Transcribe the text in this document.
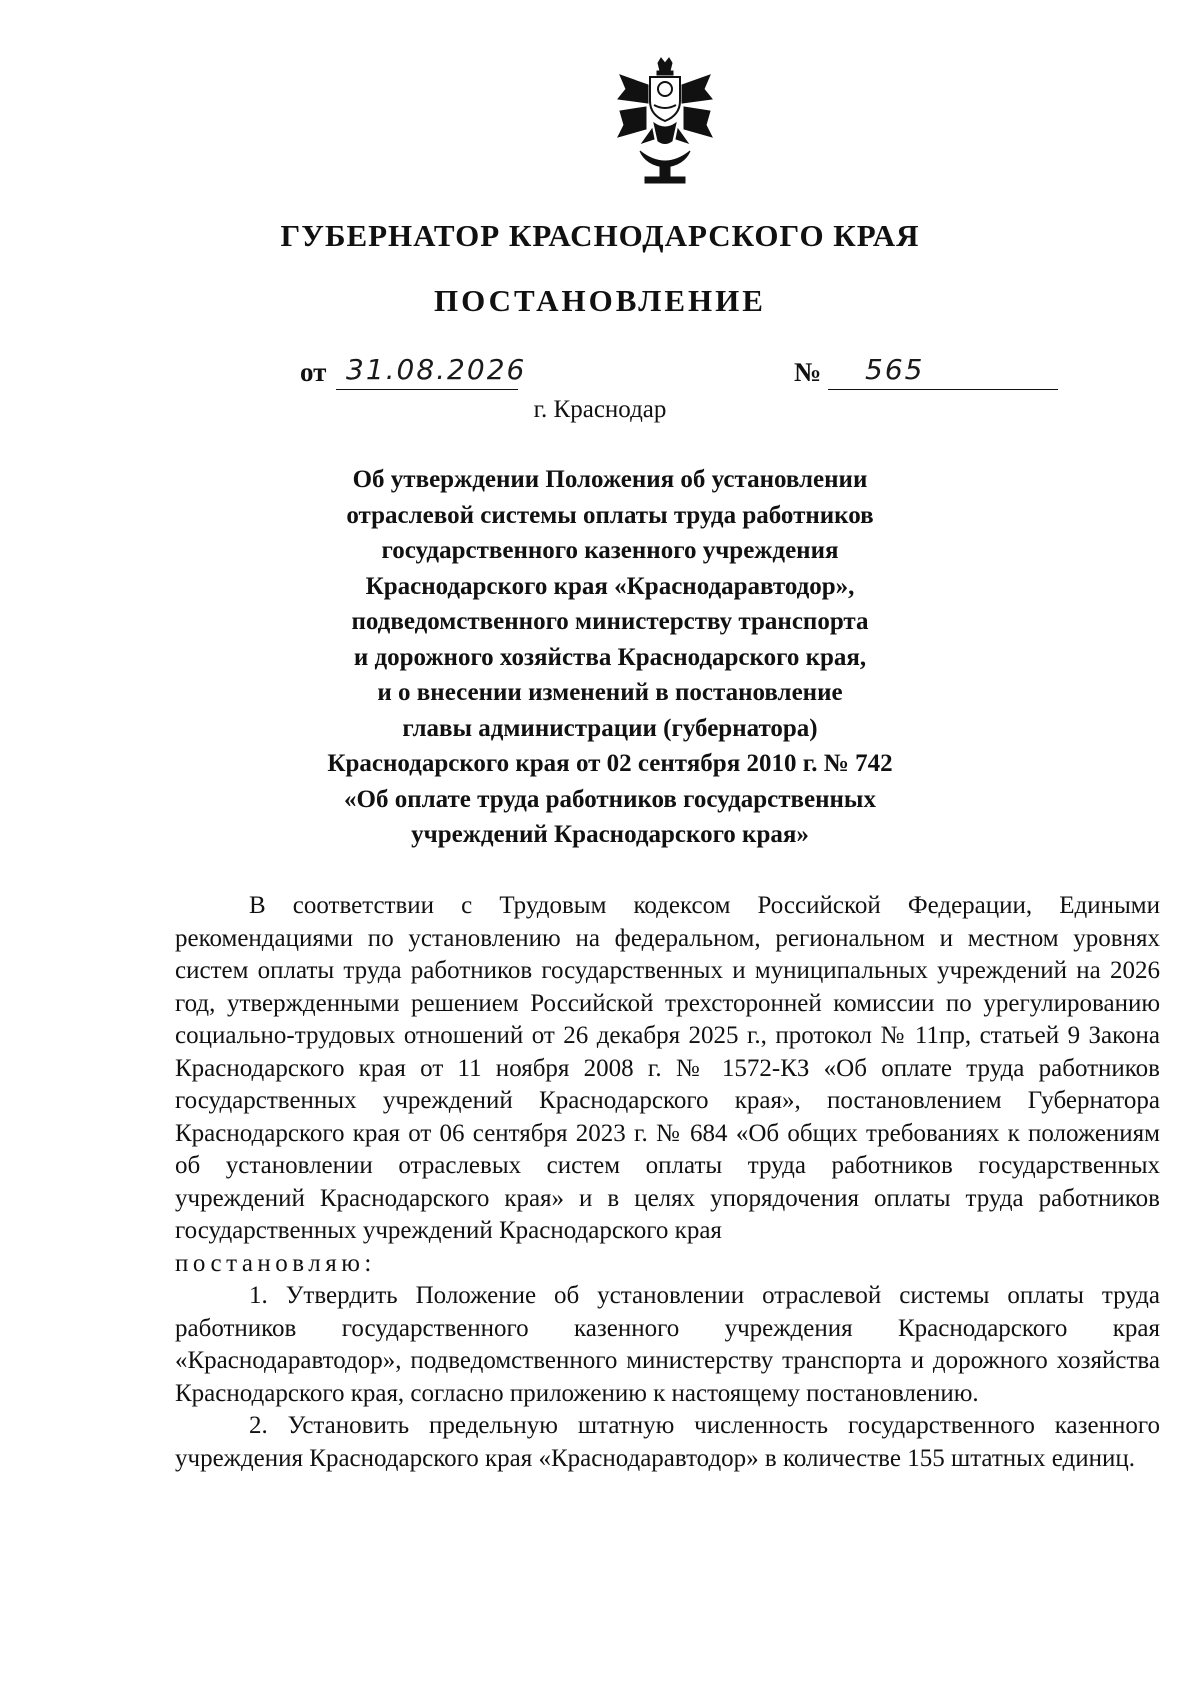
ГУБЕРНАТОР КРАСНОДАРСКОГО КРАЯ
ПОСТАНОВЛЕНИЕ
от 31.08.2026	№ 565
г. Краснодар
Об утверждении Положения об установлении
отраслевой системы оплаты труда работников
государственного казенного учреждения
Краснодарского края «Краснодаравтодор»,
подведомственного министерству транспорта
и дорожного хозяйства Краснодарского края,
и о внесении изменений в постановление
главы администрации (губернатора)
Краснодарского края от 02 сентября 2010 г. № 742
«Об оплате труда работников государственных
учреждений Краснодарского края»

В соответствии с Трудовым кодексом Российской Федерации, Едиными рекомендациями по установлению на федеральном, региональном и местном уровнях систем оплаты труда работников государственных и муниципальных учреждений на 2026 год, утвержденными решением Российской трехсторонней комиссии по урегулированию социально-трудовых отношений от 26 декабря 2025 г., протокол № 11пр, статьей 9 Закона Краснодарского края от 11 ноября 2008 г. № 1572-КЗ «Об оплате труда работников государственных учреждений Краснодарского края», постановлением Губернатора Краснодарского края от 06 сентября 2023 г. № 684 «Об общих требованиях к положениям об установлении отраслевых систем оплаты труда работников государственных учреждений Краснодарского края» и в целях упорядочения оплаты труда работников государственных учреждений Краснодарского края

постановляю:

1. Утвердить Положение об установлении отраслевой системы оплаты труда работников государственного казенного учреждения Краснодарского края «Краснодаравтодор», подведомственного министерству транспорта и дорожного хозяйства Краснодарского края, согласно приложению к настоящему постановлению.

2. Установить предельную штатную численность государственного казенного учреждения Краснодарского края «Краснодаравтодор» в количестве 155 штатных единиц.
